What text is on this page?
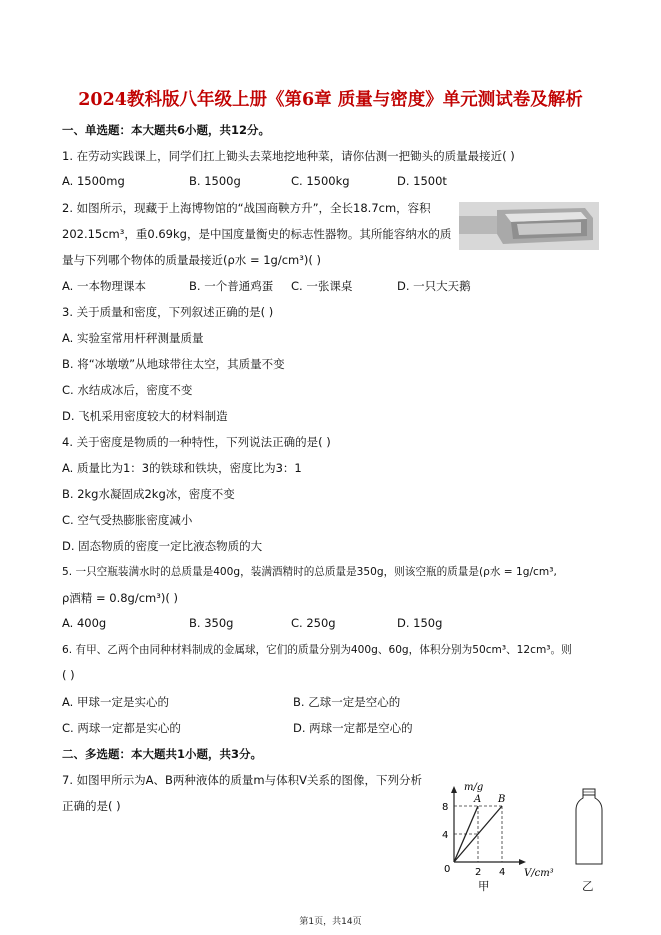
2024教科版八年级上册《第6章 质量与密度》单元测试卷及解析
一、单选题：本大题共6小题，共12分。
1. 在劳动实践课上，同学们扛上锄头去菜地挖地种菜，请你估测一把锄头的质量最接近( )
A. 1500mg	B. 1500g	C. 1500kg	D. 1500t
2. 如图所示，现藏于上海博物馆的“战国商鞅方升”，全长18.7cm，容积
202.15cm³，重0.69kg，是中国度量衡史的标志性器物。其所能容纳水的质
量与下列哪个物体的质量最接近(ρ水 = 1g/cm³)( )
A. 一本物理课本	B. 一个普通鸡蛋 C. 一张课桌	D. 一只大天鹅
3. 关于质量和密度，下列叙述正确的是( )
A. 实验室常用杆秤测量质量
B. 将“冰墩墩”从地球带往太空，其质量不变
C. 水结成冰后，密度不变
D. 飞机采用密度较大的材料制造
4. 关于密度是物质的一种特性，下列说法正确的是( )
A. 质量比为1：3的铁球和铁块，密度比为3：1
B. 2kg水凝固成2kg冰，密度不变
C. 空气受热膨胀密度减小
D. 固态物质的密度一定比液态物质的大
5. 一只空瓶装满水时的总质量是400g，装满酒精时的总质量是350g，则该空瓶的质量是(ρ水 = 1g/cm³,
ρ酒精 = 0.8g/cm³)( )
A. 400g	B. 350g	C. 250g	D. 150g
6. 有甲、乙两个由同种材料制成的金属球，它们的质量分别为400g、60g，体积分别为50cm³、12cm³。则
( )
A. 甲球一定是实心的	B. 乙球一定是空心的
C. 两球一定都是实心的	D. 两球一定都是空心的
二、多选题：本大题共1小题，共3分。
7. 如图甲所示为A、B两种液体的质量m与体积V关系的图像，下列分析
正确的是( )
m/g
V/cm³
8
4
2 4
0
A B
甲	乙
第1页，共14页
